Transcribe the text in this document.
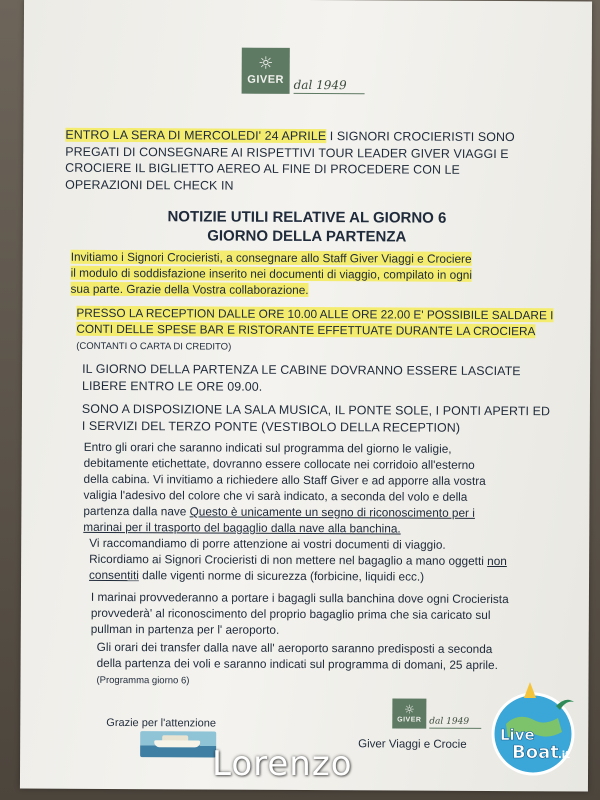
☼
GIVER dal 1949

ENTRO LA SERA DI MERCOLEDI' 24 APRILE I SIGNORI CROCIERISTI SONO
PREGATI DI CONSEGNARE AI RISPETTIVI TOUR LEADER GIVER VIAGGI E
CROCIERE IL BIGLIETTO AEREO AL FINE DI PROCEDERE CON LE
OPERAZIONI DEL CHECK IN

NOTIZIE UTILI RELATIVE AL GIORNO 6
GIORNO DELLA PARTENZA

Invitiamo i Signori Crocieristi, a consegnare allo Staff Giver Viaggi e Crociere
il modulo di soddisfazione inserito nei documenti di viaggio, compilato in ogni
sua parte. Grazie della Vostra collaborazione.

PRESSO LA RECEPTION DALLE ORE 10.00 ALLE ORE 22.00 E' POSSIBILE SALDARE I
CONTI DELLE SPESE BAR E RISTORANTE EFFETTUATE DURANTE LA CROCIERA
(CONTANTI O CARTA DI CREDITO)

IL GIORNO DELLA PARTENZA LE CABINE DOVRANNO ESSERE LASCIATE
LIBERE ENTRO LE ORE 09.00.

SONO A DISPOSIZIONE LA SALA MUSICA, IL PONTE SOLE, I PONTI APERTI ED
I SERVIZI DEL TERZO PONTE (VESTIBOLO DELLA RECEPTION)

Entro gli orari che saranno indicati sul programma del giorno le valigie,
debitamente etichettate, dovranno essere collocate nei corridoio all'esterno
della cabina. Vi invitiamo a richiedere allo Staff Giver e ad apporre alla vostra
valigia l'adesivo del colore che vi sarà indicato, a seconda del volo e della
partenza dalla nave Questo è unicamente un segno di riconoscimento per i
marinai per il trasporto del bagaglio dalla nave alla banchina.

Vi raccomandiamo di porre attenzione ai vostri documenti di viaggio.
Ricordiamo ai Signori Crocieristi di non mettere nel bagaglio a mano oggetti non
consentiti dalle vigenti norme di sicurezza (forbicine, liquidi ecc.)

I marinai provvederanno a portare i bagagli sulla banchina dove ogni Crocierista
provvederà' al riconoscimento del proprio bagaglio prima che sia caricato sul
pullman in partenza per l' aeroporto.

Gli orari dei transfer dalla nave all' aeroporto saranno predisposti a seconda
della partenza dei voli e saranno indicati sul programma di domani, 25 aprile.
(Programma giorno 6)

Grazie per l'attenzione

☼
GIVER dal 1949

Giver Viaggi e Crocie

Lorenzo
Live
Boat .it
